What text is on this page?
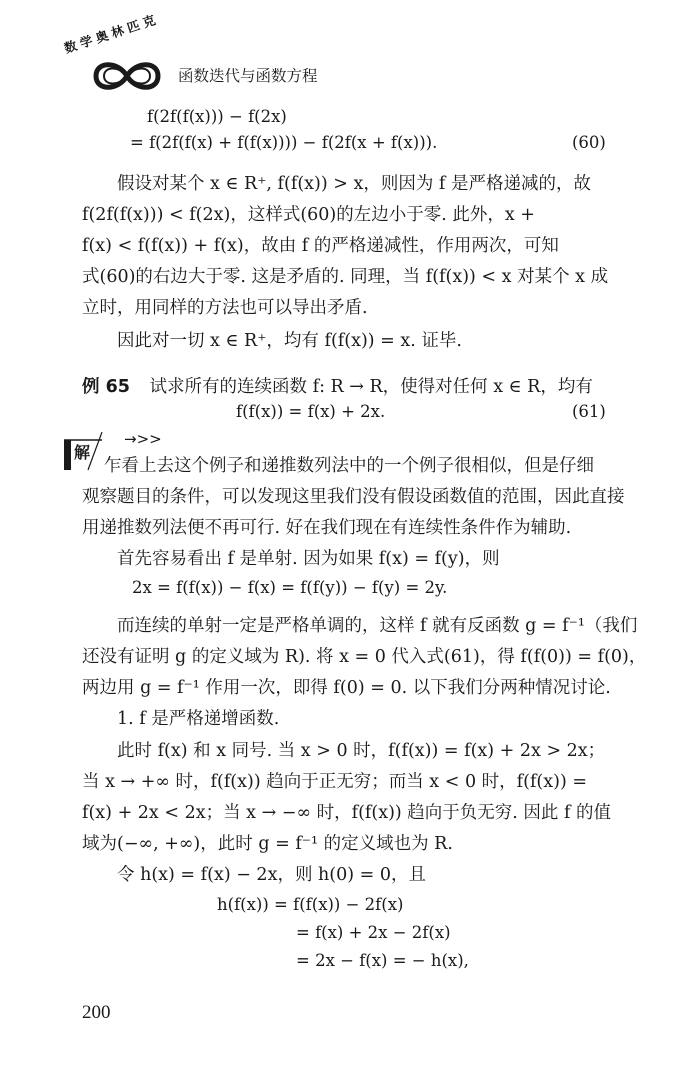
数学奥林匹克
函数迭代与函数方程
f(2f(f(x))) − f(2x)
= f(2f(f(x) + f(f(x)))) − f(2f(x + f(x))).	(60)
假设对某个 x ∈ R⁺, f(f(x)) > x，则因为 f 是严格递减的，故
f(2f(f(x))) < f(2x)，这样式(60)的左边小于零. 此外，x +
f(x) < f(f(x)) + f(x)，故由 f 的严格递减性，作用两次，可知
式(60)的右边大于零. 这是矛盾的. 同理，当 f(f(x)) < x 对某个 x 成
立时，用同样的方法也可以导出矛盾.
因此对一切 x ∈ R⁺，均有 f(f(x)) = x. 证毕.
例 65 试求所有的连续函数 f: R → R，使得对任何 x ∈ R，均有
f(f(x)) = f(x) + 2x.	(61)
解
→>>
乍看上去这个例子和递推数列法中的一个例子很相似，但是仔细
观察题目的条件，可以发现这里我们没有假设函数值的范围，因此直接
用递推数列法便不再可行. 好在我们现在有连续性条件作为辅助.
首先容易看出 f 是单射. 因为如果 f(x) = f(y)，则
2x = f(f(x)) − f(x) = f(f(y)) − f(y) = 2y.
而连续的单射一定是严格单调的，这样 f 就有反函数 g = f⁻¹（我们
还没有证明 g 的定义域为 R). 将 x = 0 代入式(61)，得 f(f(0)) = f(0)，
两边用 g = f⁻¹ 作用一次，即得 f(0) = 0. 以下我们分两种情况讨论.
1. f 是严格递增函数.
此时 f(x) 和 x 同号. 当 x > 0 时，f(f(x)) = f(x) + 2x > 2x；
当 x → +∞ 时，f(f(x)) 趋向于正无穷；而当 x < 0 时，f(f(x)) =
f(x) + 2x < 2x；当 x → −∞ 时，f(f(x)) 趋向于负无穷. 因此 f 的值
域为(−∞, +∞)，此时 g = f⁻¹ 的定义域也为 R.
令 h(x) = f(x) − 2x，则 h(0) = 0，且
h(f(x)) = f(f(x)) − 2f(x)
= f(x) + 2x − 2f(x)
= 2x − f(x) = − h(x),
200
